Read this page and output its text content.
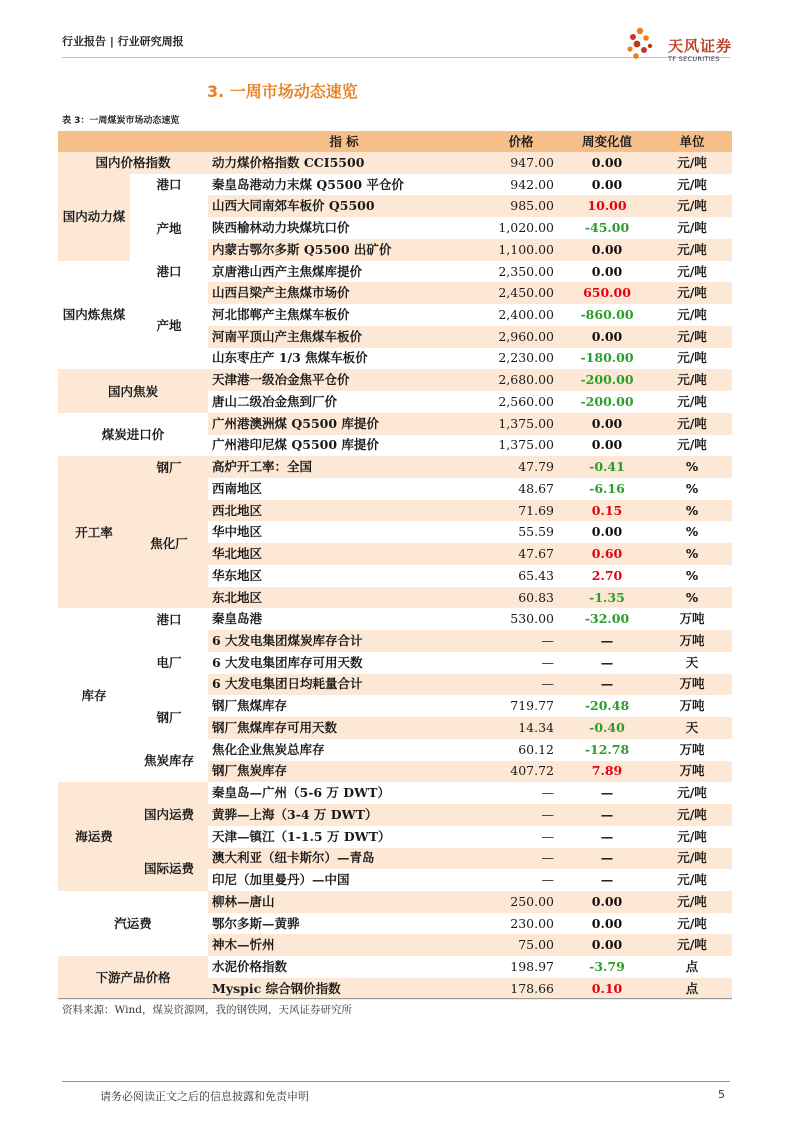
行业报告 | 行业研究周报	天风证券
TF SECURITIES
3. 一周市场动态速览
表 3：一周煤炭市场动态速览
		指 标	价格	周变化值	单位
国内价格指数		动力煤价格指数 CCI5500	947.00	0.00	元/吨
国内动力煤	港口	秦皇岛港动力末煤 Q5500 平仓价	942.00	0.00	元/吨
	产地	山西大同南郊车板价 Q5500	985.00	10.00	元/吨
		陕西榆林动力块煤坑口价	1,020.00	-45.00	元/吨
		内蒙古鄂尔多斯 Q5500 出矿价	1,100.00	0.00	元/吨
国内炼焦煤	港口	京唐港山西产主焦煤库提价	2,350.00	0.00	元/吨
	产地	山西吕梁产主焦煤市场价	2,450.00	650.00	元/吨
		河北邯郸产主焦煤车板价	2,400.00	-860.00	元/吨
		河南平顶山产主焦煤车板价	2,960.00	0.00	元/吨
		山东枣庄产 1/3 焦煤车板价	2,230.00	-180.00	元/吨
国内焦炭		天津港一级冶金焦平仓价	2,680.00	-200.00	元/吨
		唐山二级冶金焦到厂价	2,560.00	-200.00	元/吨
煤炭进口价		广州港澳洲煤 Q5500 库提价	1,375.00	0.00	元/吨
		广州港印尼煤 Q5500 库提价	1,375.00	0.00	元/吨
开工率	钢厂	高炉开工率：全国	47.79	-0.41	%
	焦化厂	西南地区	48.67	-6.16	%
		西北地区	71.69	0.15	%
		华中地区	55.59	0.00	%
		华北地区	47.67	0.60	%
		华东地区	65.43	2.70	%
		东北地区	60.83	-1.35	%
库存	港口	秦皇岛港	530.00	-32.00	万吨
	电厂	6 大发电集团煤炭库存合计	—	—	万吨
		6 大发电集团库存可用天数	—	—	天
		6 大发电集团日均耗量合计	—	—	万吨
	钢厂	钢厂焦煤库存	719.77	-20.48	万吨
		钢厂焦煤库存可用天数	14.34	-0.40	天
	焦炭库存	焦化企业焦炭总库存	60.12	-12.78	万吨
		钢厂焦炭库存	407.72	7.89	万吨
海运费	国内运费	秦皇岛—广州（5-6 万 DWT）	—	—	元/吨
		黄骅—上海（3-4 万 DWT）	—	—	元/吨
		天津—镇江（1-1.5 万 DWT）	—	—	元/吨
	国际运费	澳大利亚（纽卡斯尔）—青岛	—	—	元/吨
		印尼（加里曼丹）—中国	—	—	元/吨
汽运费		柳林—唐山	250.00	0.00	元/吨
		鄂尔多斯—黄骅	230.00	0.00	元/吨
		神木—忻州	75.00	0.00	元/吨
下游产品价格		水泥价格指数	198.97	-3.79	点
		Myspic 综合钢价指数	178.66	0.10	点
资料来源：Wind，煤炭资源网，我的钢铁网，天风证券研究所
请务必阅读正文之后的信息披露和免责申明	5
